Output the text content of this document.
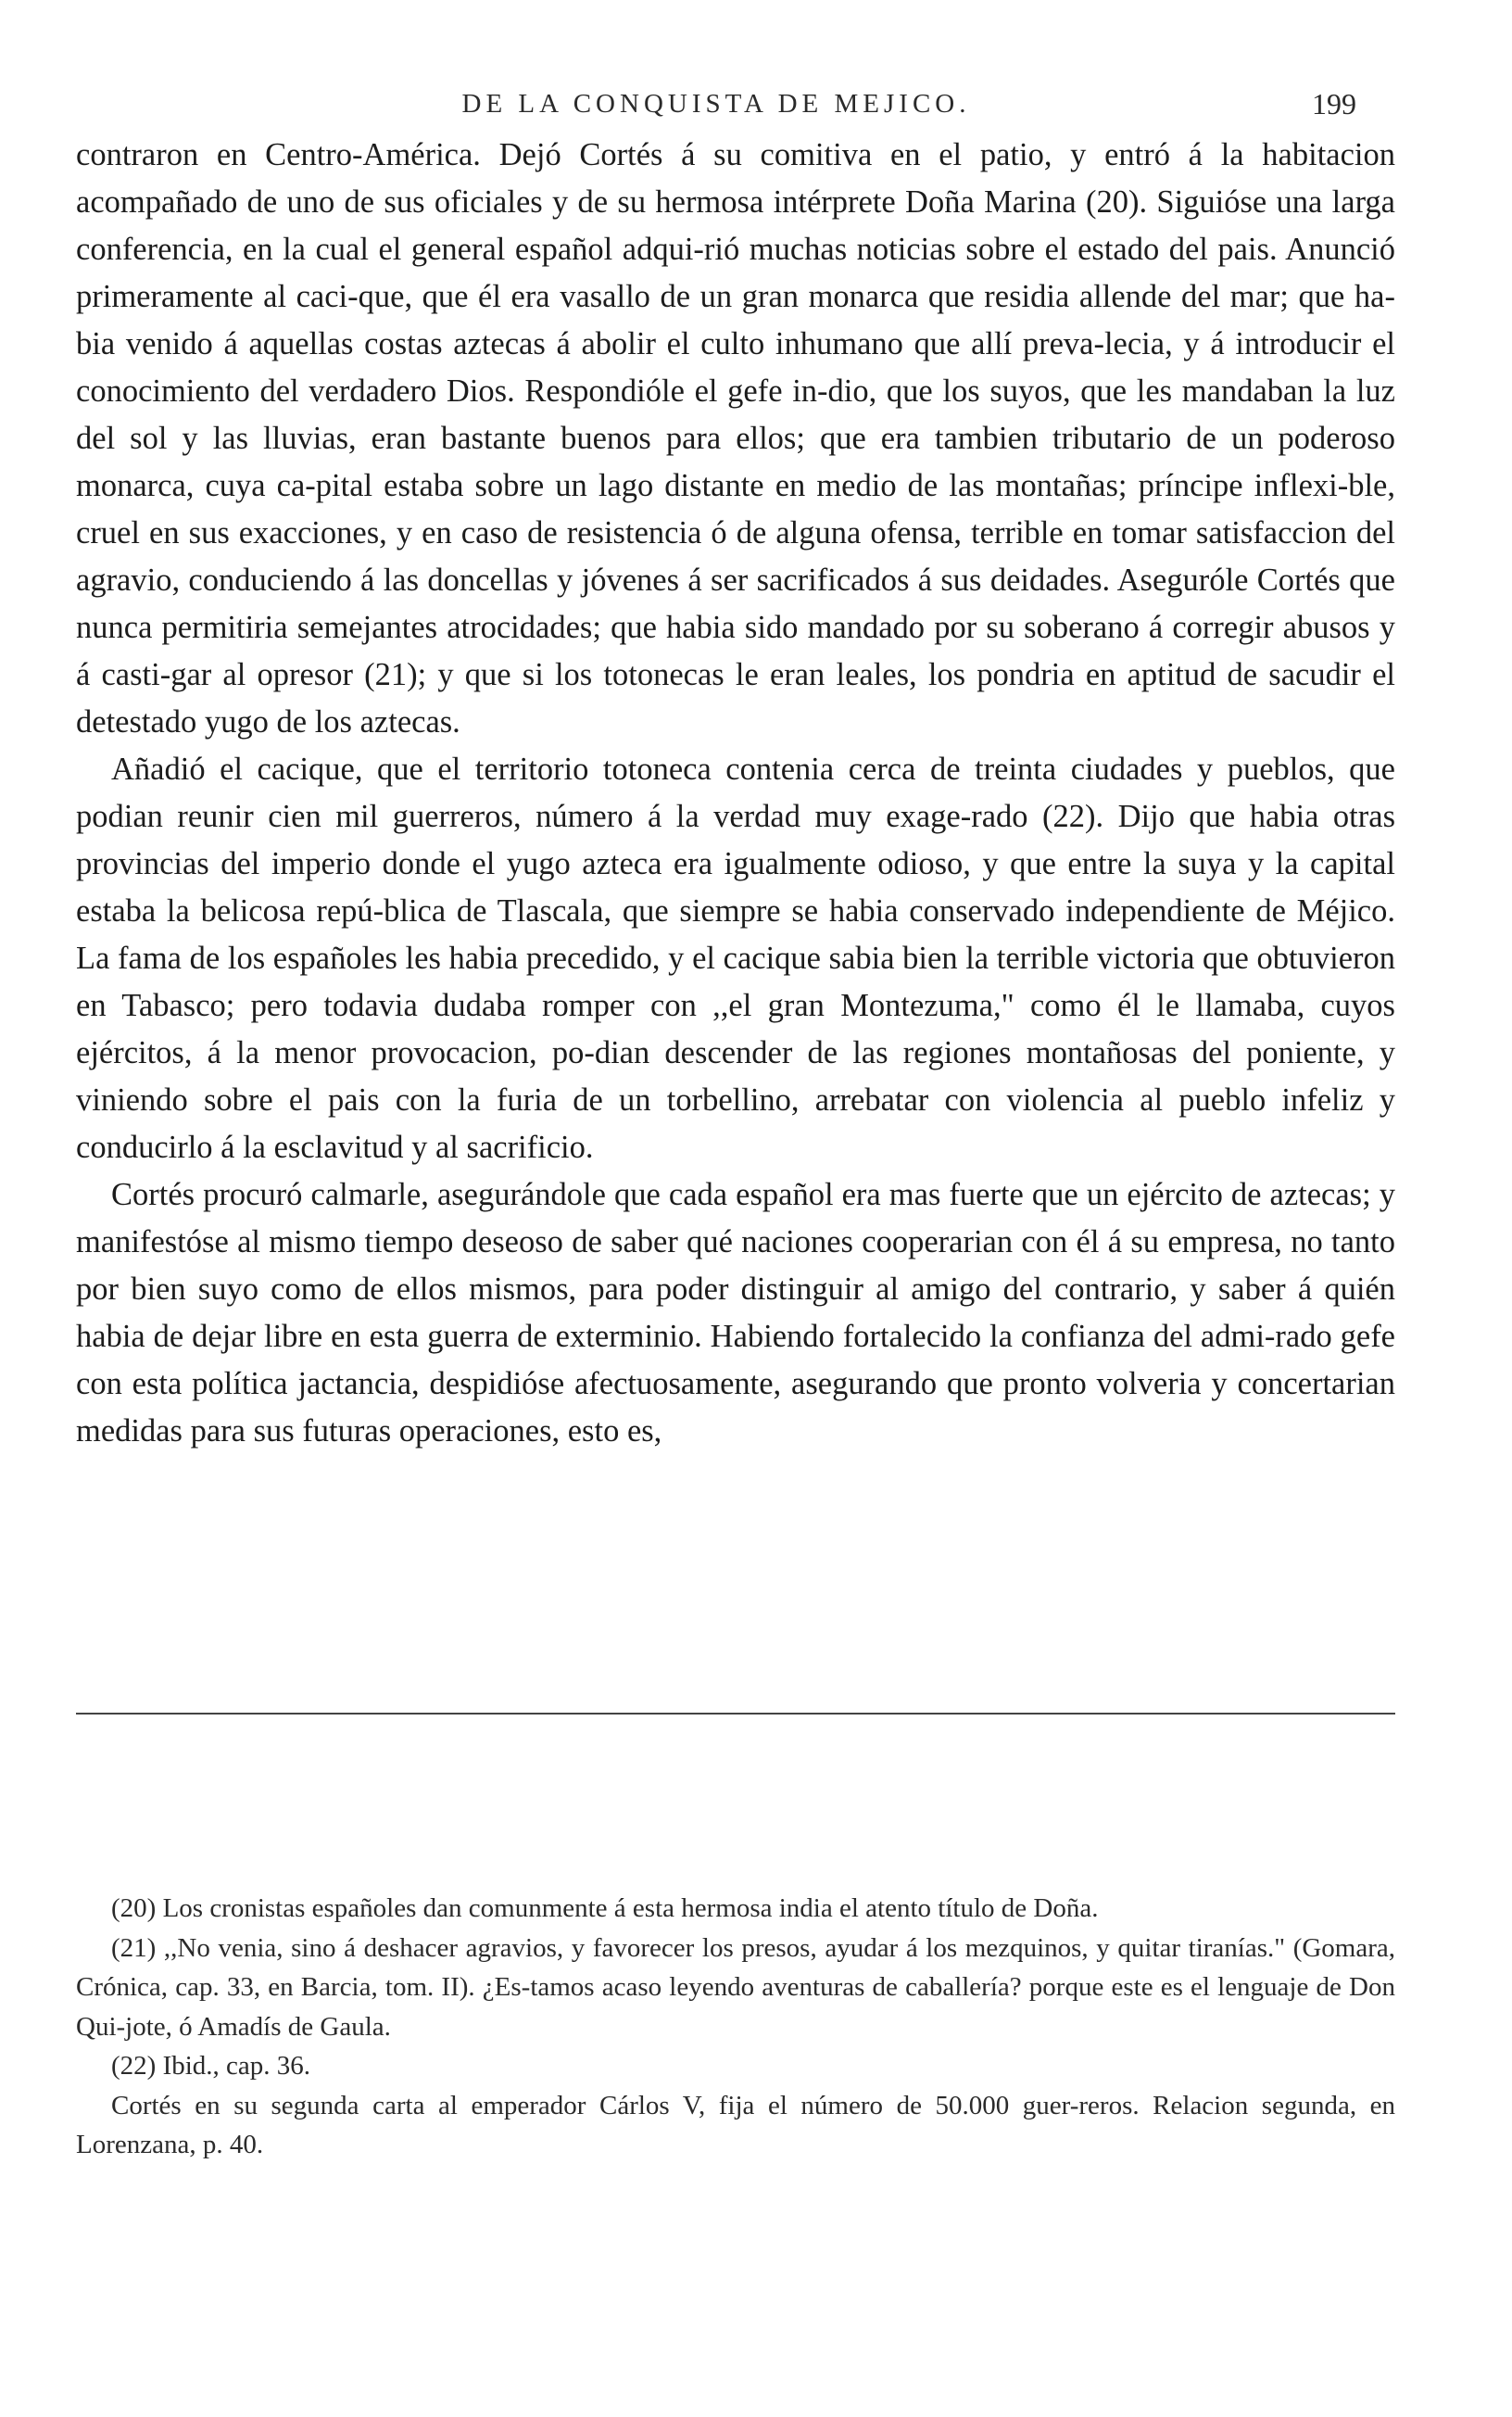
DE LA CONQUISTA DE MEJICO.	199

contraron en Centro-América. Dejó Cortés á su comitiva en el patio, y entró á la habitacion acompañado de uno de sus oficiales y de su hermosa intérprete Doña Marina (20). Siguióse una larga conferencia, en la cual el general español adqui-rió muchas noticias sobre el estado del pais. Anunció primeramente al caci-que, que él era vasallo de un gran monarca que residia allende del mar; que ha-bia venido á aquellas costas aztecas á abolir el culto inhumano que allí preva-lecia, y á introducir el conocimiento del verdadero Dios. Respondióle el gefe in-dio, que los suyos, que les mandaban la luz del sol y las lluvias, eran bastante buenos para ellos; que era tambien tributario de un poderoso monarca, cuya ca-pital estaba sobre un lago distante en medio de las montañas; príncipe inflexi-ble, cruel en sus exacciones, y en caso de resistencia ó de alguna ofensa, terrible en tomar satisfaccion del agravio, conduciendo á las doncellas y jóvenes á ser sacrificados á sus deidades. Aseguróle Cortés que nunca permitiria semejantes atrocidades; que habia sido mandado por su soberano á corregir abusos y á casti-gar al opresor (21); y que si los totonecas le eran leales, los pondria en aptitud de sacudir el detestado yugo de los aztecas.

Añadió el cacique, que el territorio totoneca contenia cerca de treinta ciudades y pueblos, que podian reunir cien mil guerreros, número á la verdad muy exage-rado (22). Dijo que habia otras provincias del imperio donde el yugo azteca era igualmente odioso, y que entre la suya y la capital estaba la belicosa repú-blica de Tlascala, que siempre se habia conservado independiente de Méjico. La fama de los españoles les habia precedido, y el cacique sabia bien la terrible victoria que obtuvieron en Tabasco; pero todavia dudaba romper con ,,el gran Montezuma," como él le llamaba, cuyos ejércitos, á la menor provocacion, po-dian descender de las regiones montañosas del poniente, y viniendo sobre el pais con la furia de un torbellino, arrebatar con violencia al pueblo infeliz y conducirlo á la esclavitud y al sacrificio.

Cortés procuró calmarle, asegurándole que cada español era mas fuerte que un ejército de aztecas; y manifestóse al mismo tiempo deseoso de saber qué naciones cooperarian con él á su empresa, no tanto por bien suyo como de ellos mismos, para poder distinguir al amigo del contrario, y saber á quién habia de dejar libre en esta guerra de exterminio. Habiendo fortalecido la confianza del admi-rado gefe con esta política jactancia, despidióse afectuosamente, asegurando que pronto volveria y concertarian medidas para sus futuras operaciones, esto es,

(20) Los cronistas españoles dan comunmente á esta hermosa india el atento título de Doña.

(21) ,,No venia, sino á deshacer agravios, y favorecer los presos, ayudar á los mezquinos, y quitar tiranías." (Gomara, Crónica, cap. 33, en Barcia, tom. II). ¿Es-tamos acaso leyendo aventuras de caballería? porque este es el lenguaje de Don Qui-jote, ó Amadís de Gaula.

(22) Ibid., cap. 36.

Cortés en su segunda carta al emperador Cárlos V, fija el número de 50.000 guer-reros. Relacion segunda, en Lorenzana, p. 40.
